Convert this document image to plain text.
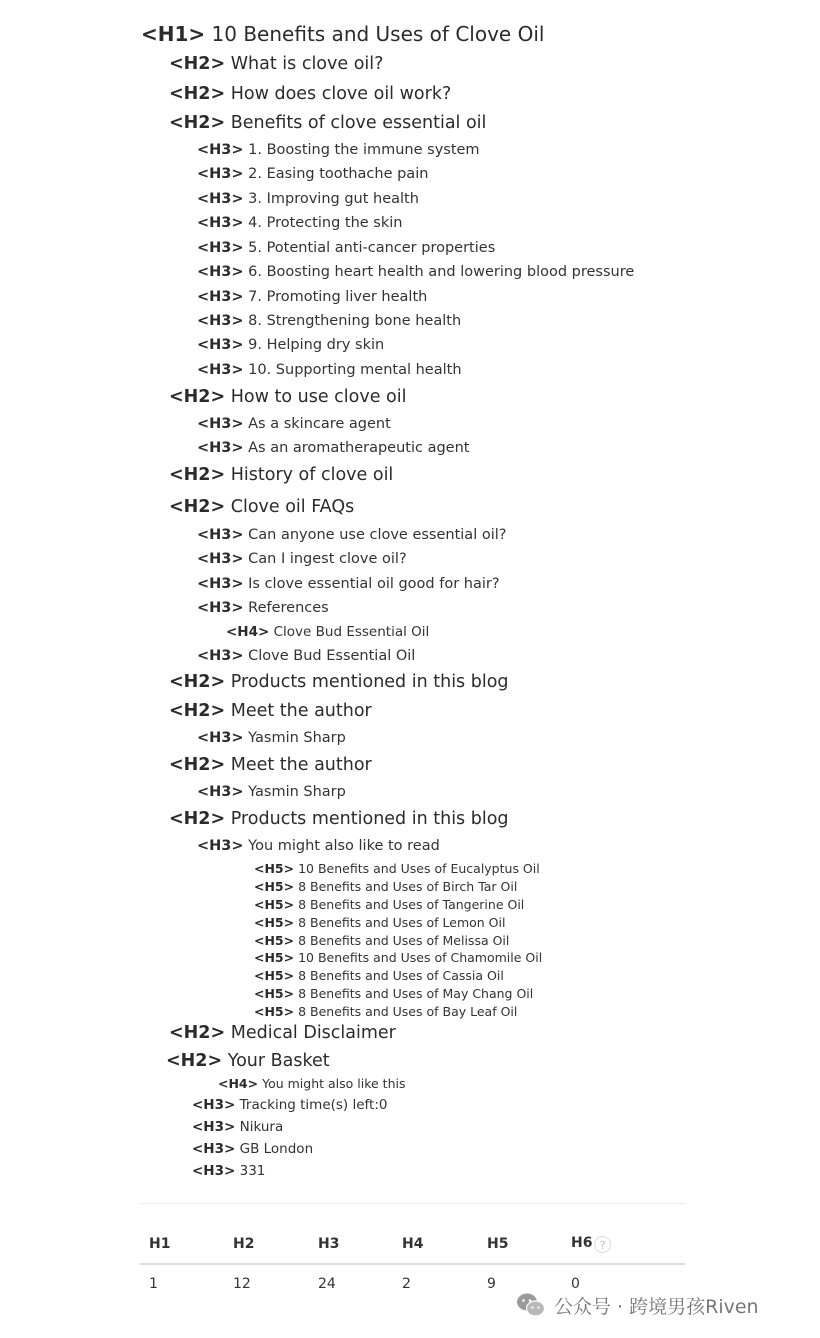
<H1> 10 Benefits and Uses of Clove Oil
<H2> What is clove oil?
<H2> How does clove oil work?
<H2> Benefits of clove essential oil
<H3> 1. Boosting the immune system
<H3> 2. Easing toothache pain
<H3> 3. Improving gut health
<H3> 4. Protecting the skin
<H3> 5. Potential anti-cancer properties
<H3> 6. Boosting heart health and lowering blood pressure
<H3> 7. Promoting liver health
<H3> 8. Strengthening bone health
<H3> 9. Helping dry skin
<H3> 10. Supporting mental health
<H2> How to use clove oil
<H3> As a skincare agent
<H3> As an aromatherapeutic agent
<H2> History of clove oil
<H2> Clove oil FAQs
<H3> Can anyone use clove essential oil?
<H3> Can I ingest clove oil?
<H3> Is clove essential oil good for hair?
<H3> References
<H4> Clove Bud Essential Oil
<H3> Clove Bud Essential Oil
<H2> Products mentioned in this blog
<H2> Meet the author
<H3> Yasmin Sharp
<H2> Meet the author
<H3> Yasmin Sharp
<H2> Products mentioned in this blog
<H3> You might also like to read
<H5> 10 Benefits and Uses of Eucalyptus Oil
<H5> 8 Benefits and Uses of Birch Tar Oil
<H5> 8 Benefits and Uses of Tangerine Oil
<H5> 8 Benefits and Uses of Lemon Oil
<H5> 8 Benefits and Uses of Melissa Oil
<H5> 10 Benefits and Uses of Chamomile Oil
<H5> 8 Benefits and Uses of Cassia Oil
<H5> 8 Benefits and Uses of May Chang Oil
<H5> 8 Benefits and Uses of Bay Leaf Oil
<H2> Medical Disclaimer
<H2> Your Basket
<H4> You might also like this
<H3> Tracking time(s) left:0
<H3> Nikura
<H3> GB London
<H3> 331
H1	H2	H3	H4	H5	H6 ?
1	12	24	2	9	0
公众号 · 跨境男孩Riven
